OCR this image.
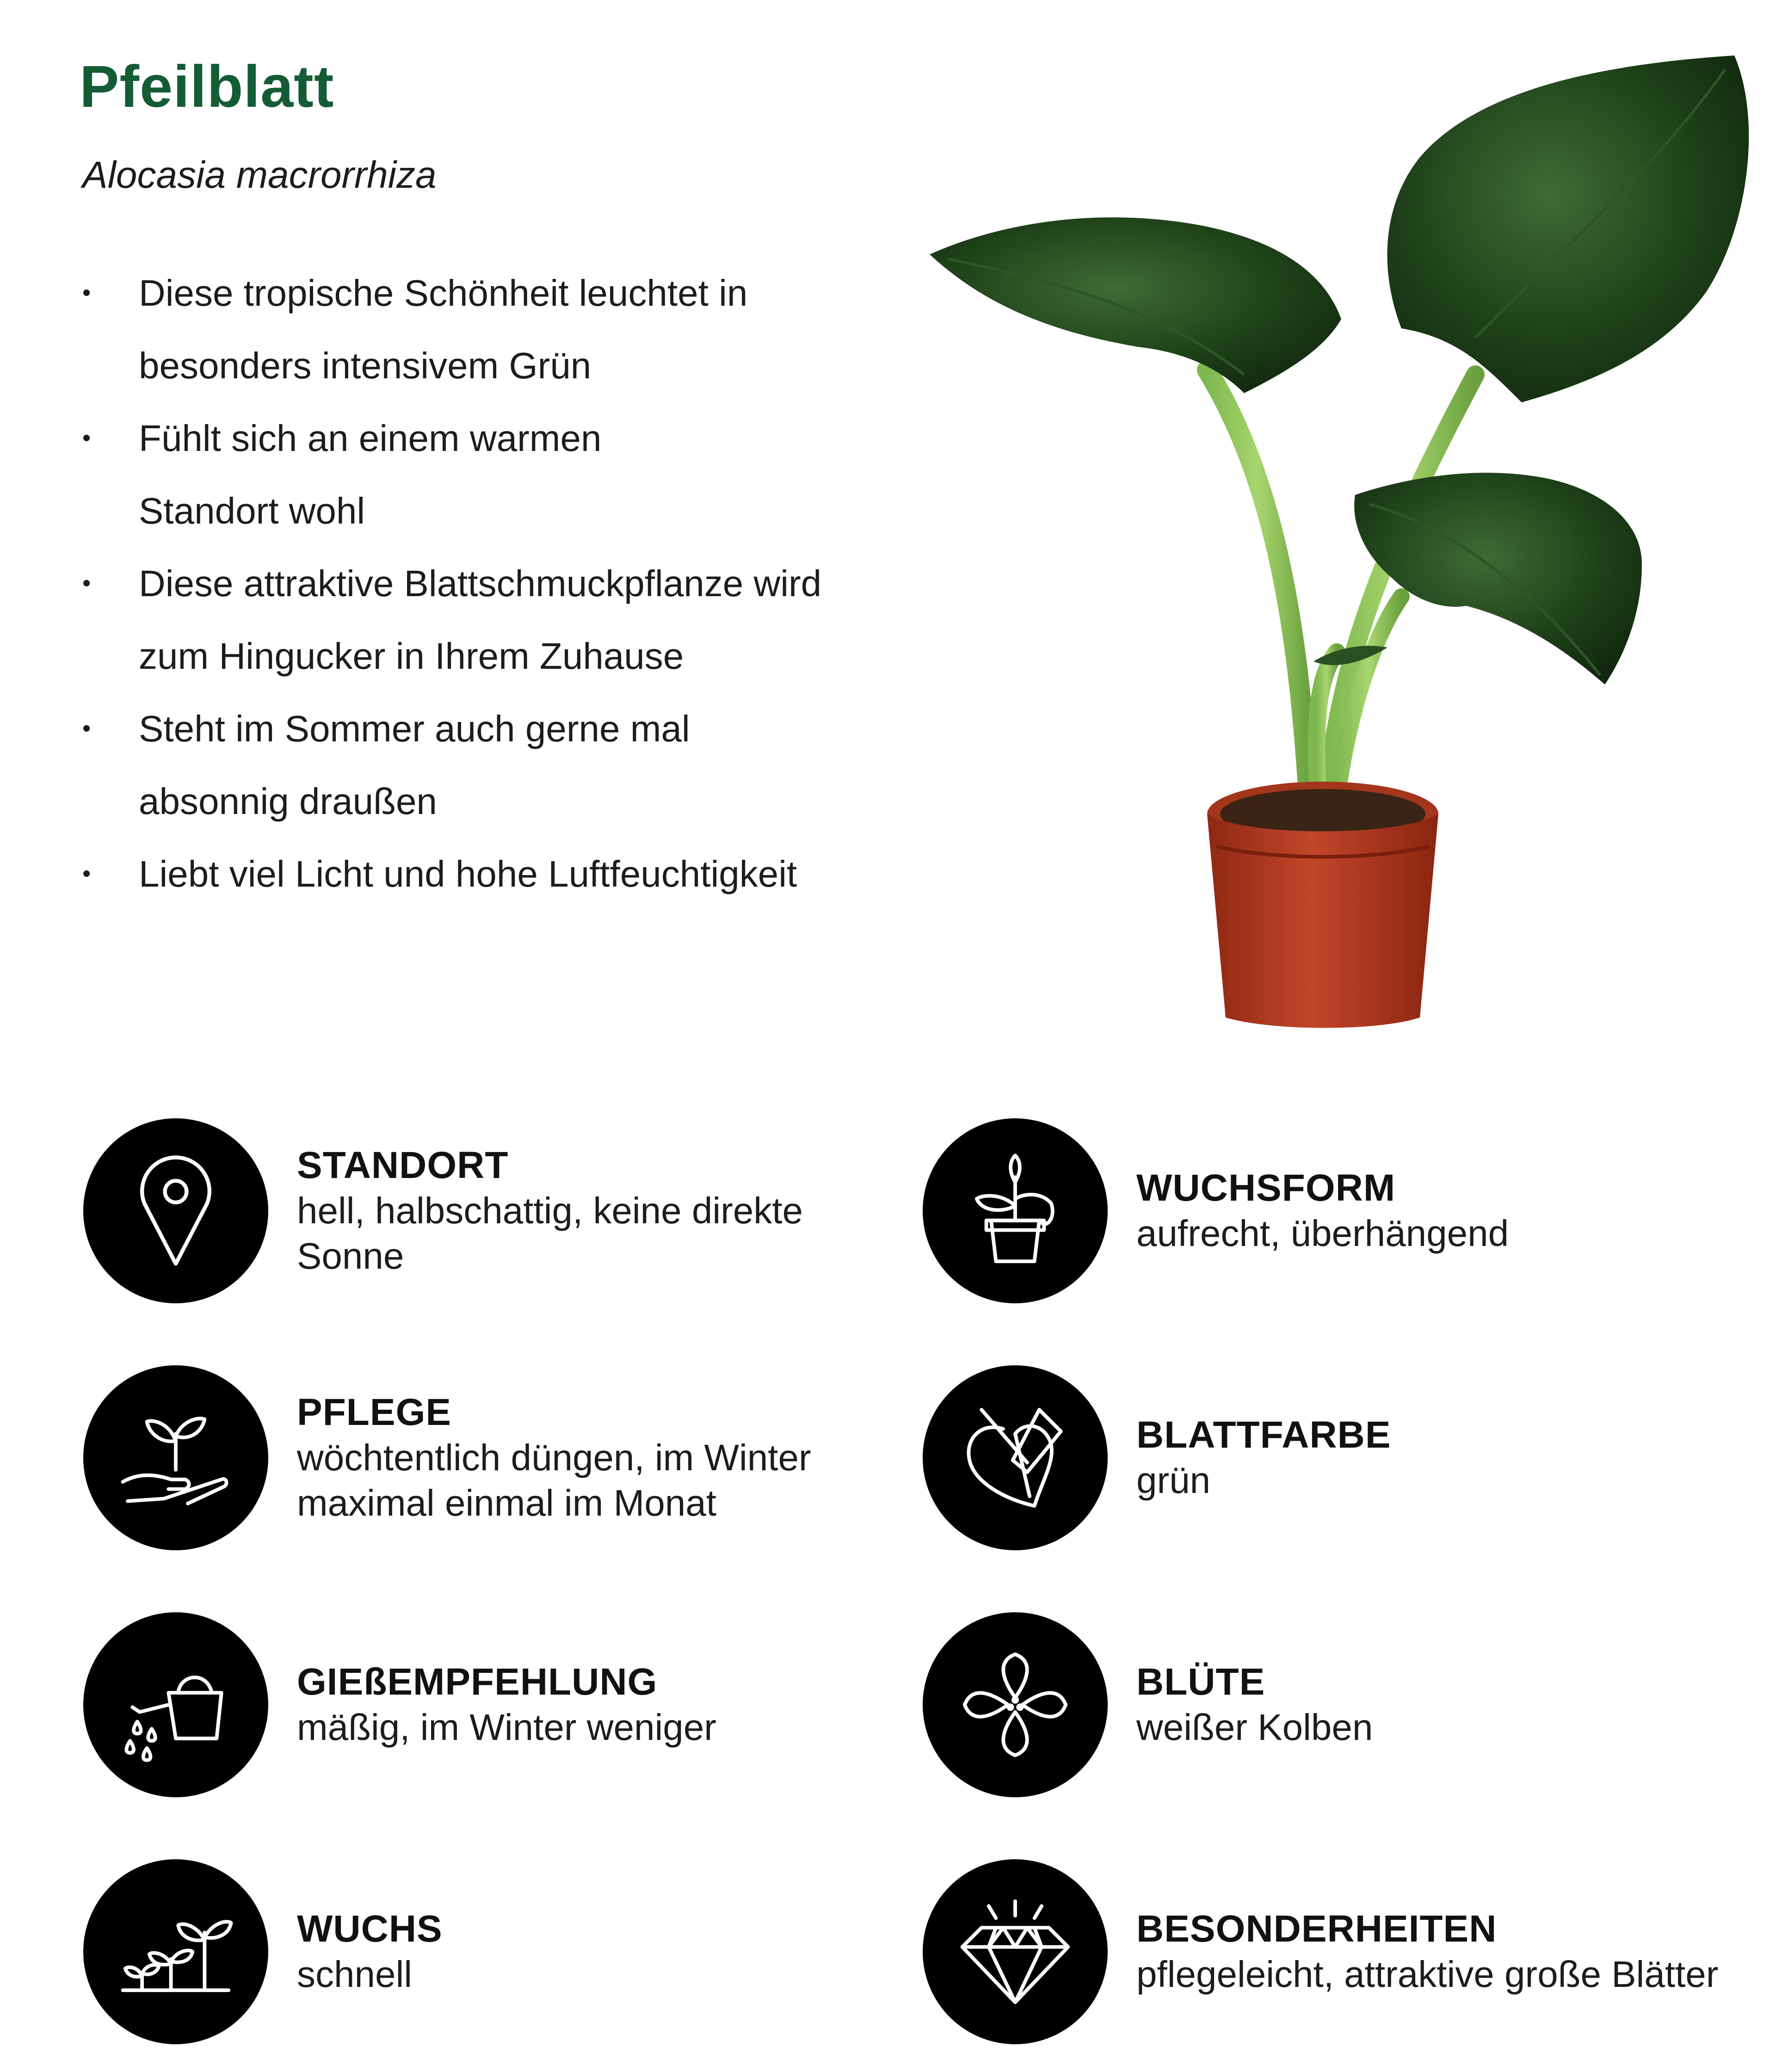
Pfeilblatt
Alocasia macrorrhiza
• Diese tropische Schönheit leuchtet in
besonders intensivem Grün
• Fühlt sich an einem warmen
Standort wohl
• Diese attraktive Blattschmuckpflanze wird
zum Hingucker in Ihrem Zuhause
• Steht im Sommer auch gerne mal
absonnig draußen
• Liebt viel Licht und hohe Luftfeuchtigkeit
STANDORT
hell, halbschattig, keine direkte
Sonne
PFLEGE
wöchtentlich düngen, im Winter
maximal einmal im Monat
GIEßEMPFEHLUNG
mäßig, im Winter weniger
WUCHS
schnell
WUCHSFORM
aufrecht, überhängend
BLATTFARBE
grün
BLÜTE
weißer Kolben
BESONDERHEITEN
pflegeleicht, attraktive große Blätter
